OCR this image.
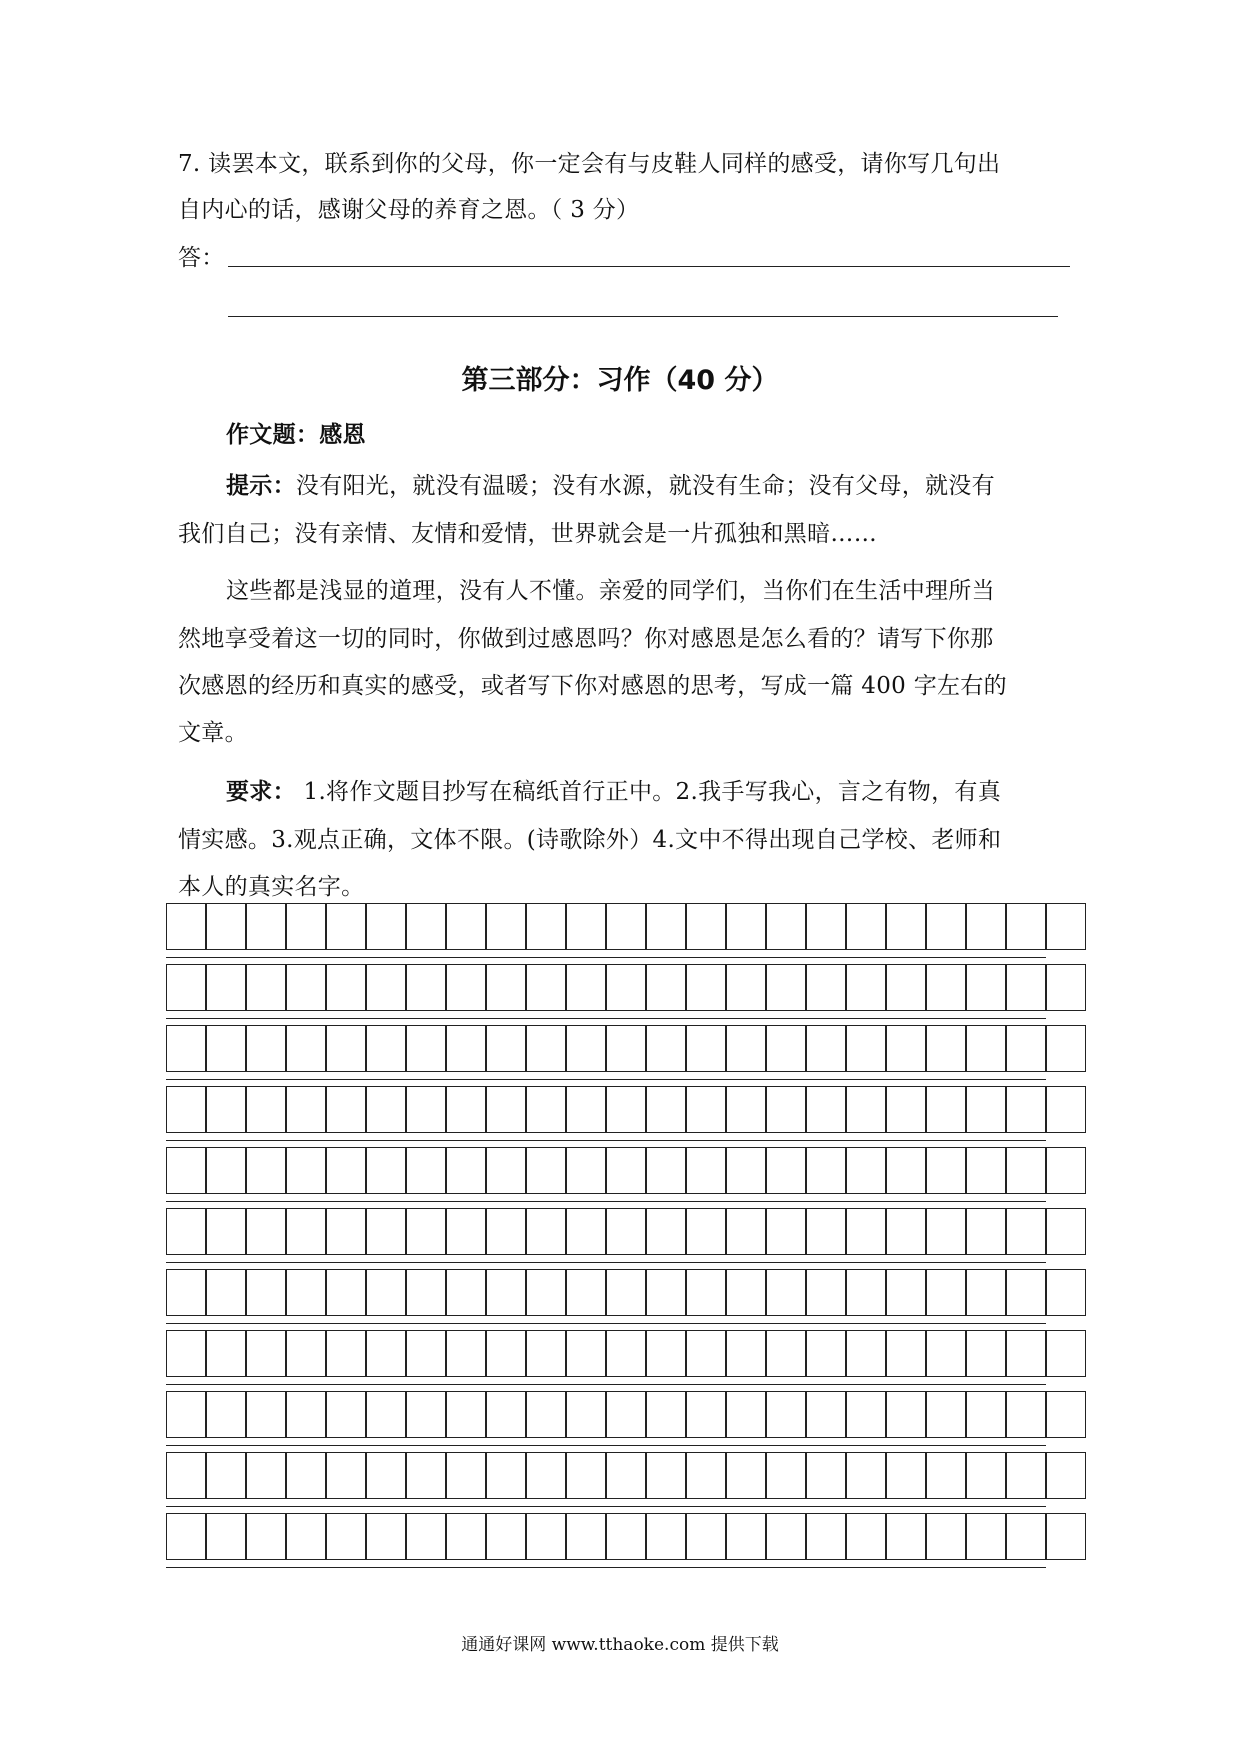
7. 读罢本文，联系到你的父母，你一定会有与皮鞋人同样的感受，请你写几句出
自内心的话，感谢父母的养育之恩。（ 3 分）
答：
第三部分：习作（40 分）
作文题：感恩
提示：没有阳光，就没有温暖；没有水源，就没有生命；没有父母，就没有
我们自己；没有亲情、友情和爱情，世界就会是一片孤独和黑暗……
这些都是浅显的道理，没有人不懂。亲爱的同学们，当你们在生活中理所当
然地享受着这一切的同时，你做到过感恩吗？你对感恩是怎么看的？请写下你那
次感恩的经历和真实的感受，或者写下你对感恩的思考，写成一篇 400 字左右的
文章。
要求： 1.将作文题目抄写在稿纸首行正中。2.我手写我心，言之有物，有真
情实感。3.观点正确，文体不限。(诗歌除外）4.文中不得出现自己学校、老师和
本人的真实名字。
通通好课网 www.tthaoke.com 提供下载
